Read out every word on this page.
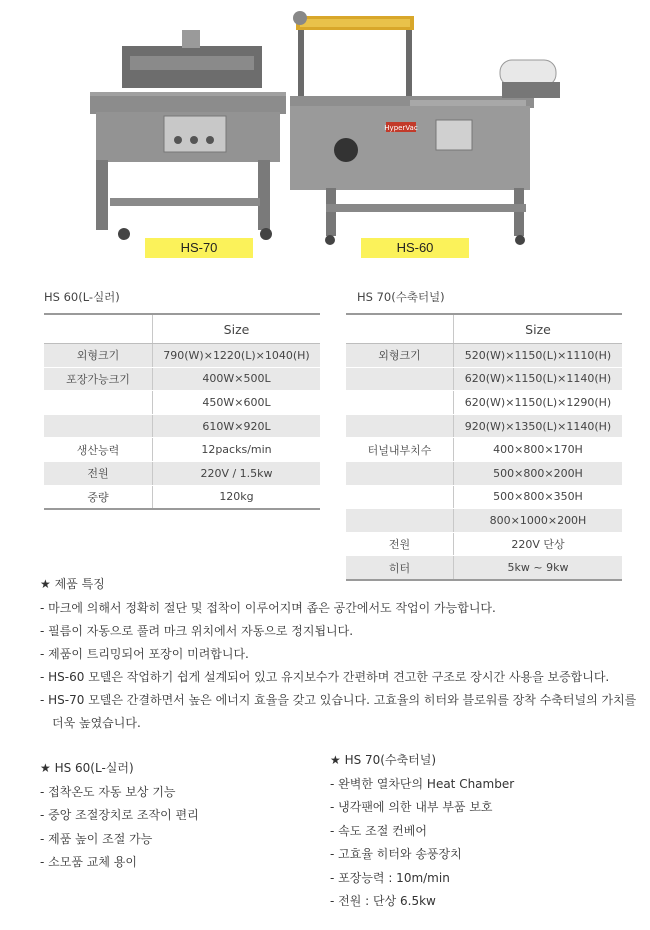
HyperVac
HS-70	HS-60
HS 60(L-실러)	HS 70(수축터널)
	Size
외형크기	790(W)×1220(L)×1040(H)
포장가능크기	400W×500L
	450W×600L
	610W×920L
생산능력	12packs/min
전원	220V / 1.5kw
중량	120kg
	Size
외형크기	520(W)×1150(L)×1110(H)
	620(W)×1150(L)×1140(H)
	620(W)×1150(L)×1290(H)
	920(W)×1350(L)×1140(H)
터널내부치수	400×800×170H
	500×800×200H
	500×800×350H
	800×1000×200H
전원	220V 단상
히터	5kw ~ 9kw
★ 제품 특징
- 마크에 의해서 정확히 절단 및 접착이 이루어지며 좁은 공간에서도 작업이 가능합니다.
- 필름이 자동으로 풀려 마크 위치에서 자동으로 정지됩니다.
- 제품이 트리밍되어 포장이 미려합니다.
- HS-60 모델은 작업하기 쉽게 설계되어 있고 유지보수가 간편하며 견고한 구조로 장시간 사용을 보증합니다.
- HS-70 모델은 간결하면서 높은 에너지 효율을 갖고 있습니다. 고효율의 히터와 블로워를 장착 수축터널의 가치를
더욱 높였습니다.
★ HS 60(L-실러)
- 접착온도 자동 보상 기능
- 중앙 조절장치로 조작이 편리
- 제품 높이 조절 가능
- 소모품 교체 용이
★ HS 70(수축터널)
- 완벽한 열차단의 Heat Chamber
- 냉각팬에 의한 내부 부품 보호
- 속도 조절 컨베어
- 고효율 히터와 송풍장치
- 포장능력 : 10m/min
- 전원 : 단상 6.5kw
